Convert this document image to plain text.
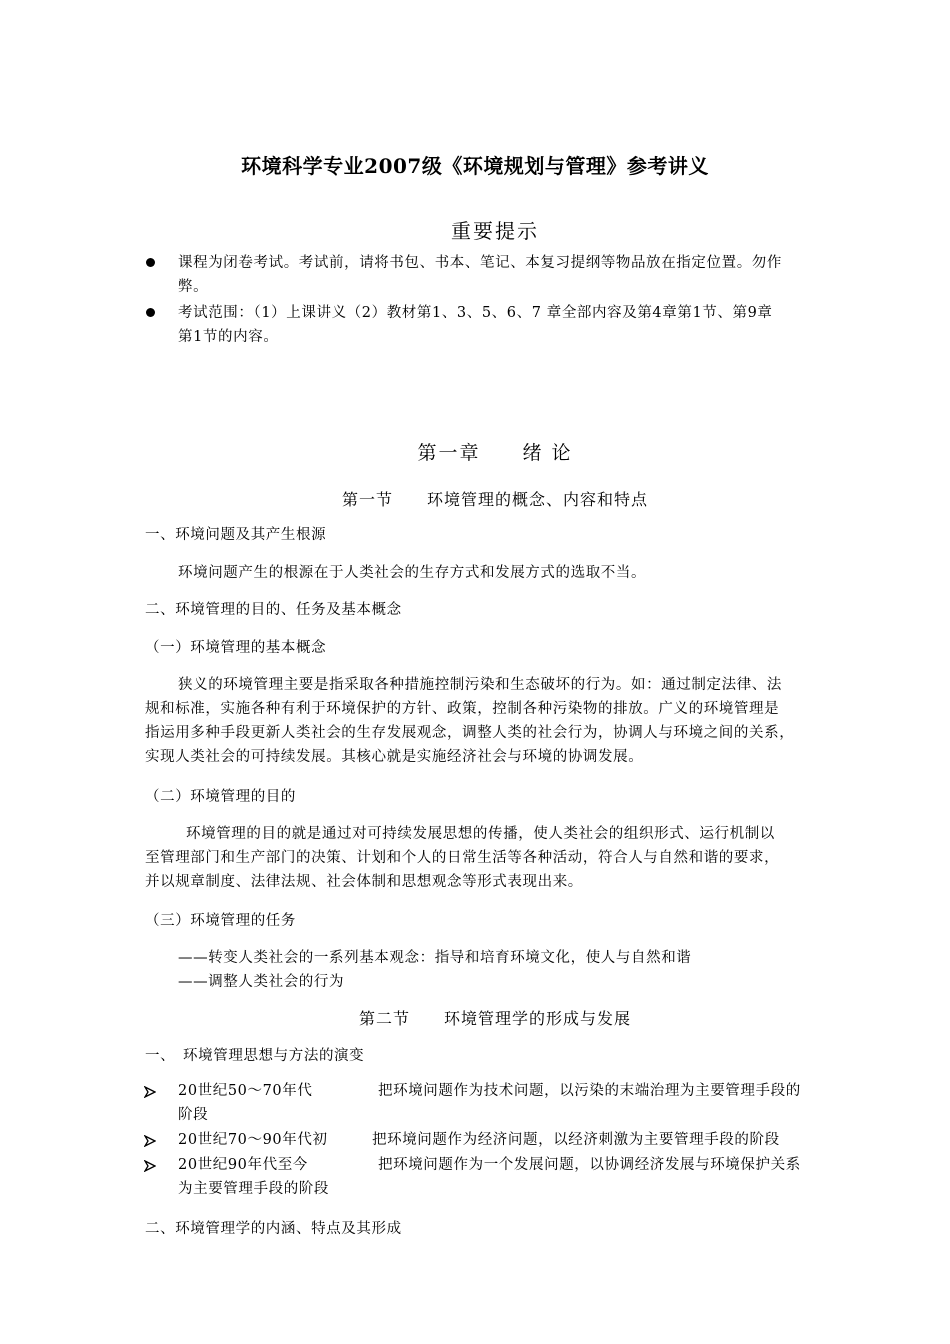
环境科学专业2007级《环境规划与管理》参考讲义
重要提示
课程为闭卷考试。考试前，请将书包、书本、笔记、本复习提纲等物品放在指定位置。勿作
弊。
考试范围：（1）上课讲义（2）教材第1、3、5、6、7 章全部内容及第4章第1节、第9章
第1节的内容。
第一章　　绪 论
第一节　　环境管理的概念、内容和特点
一、环境问题及其产生根源
环境问题产生的根源在于人类社会的生存方式和发展方式的选取不当。
二、环境管理的目的、任务及基本概念
（一）环境管理的基本概念
狭义的环境管理主要是指采取各种措施控制污染和生态破坏的行为。如：通过制定法律、法
规和标准，实施各种有利于环境保护的方针、政策，控制各种污染物的排放。广义的环境管理是
指运用多种手段更新人类社会的生存发展观念，调整人类的社会行为，协调人与环境之间的关系，
实现人类社会的可持续发展。其核心就是实施经济社会与环境的协调发展。
（二）环境管理的目的
环境管理的目的就是通过对可持续发展思想的传播，使人类社会的组织形式、运行机制以
至管理部门和生产部门的决策、计划和个人的日常生活等各种活动，符合人与自然和谐的要求，
并以规章制度、法律法规、社会体制和思想观念等形式表现出来。
（三）环境管理的任务
——转变人类社会的一系列基本观念：指导和培育环境文化，使人与自然和谐
——调整人类社会的行为
第二节　　环境管理学的形成与发展
一、　环境管理思想与方法的演变
20世纪50～70年代	把环境问题作为技术问题，以污染的末端治理为主要管理手段的
阶段
20世纪70～90年代初	把环境问题作为经济问题，以经济刺激为主要管理手段的阶段
20世纪90年代至今	把环境问题作为一个发展问题，以协调经济发展与环境保护关系
为主要管理手段的阶段
二、环境管理学的内涵、特点及其形成
